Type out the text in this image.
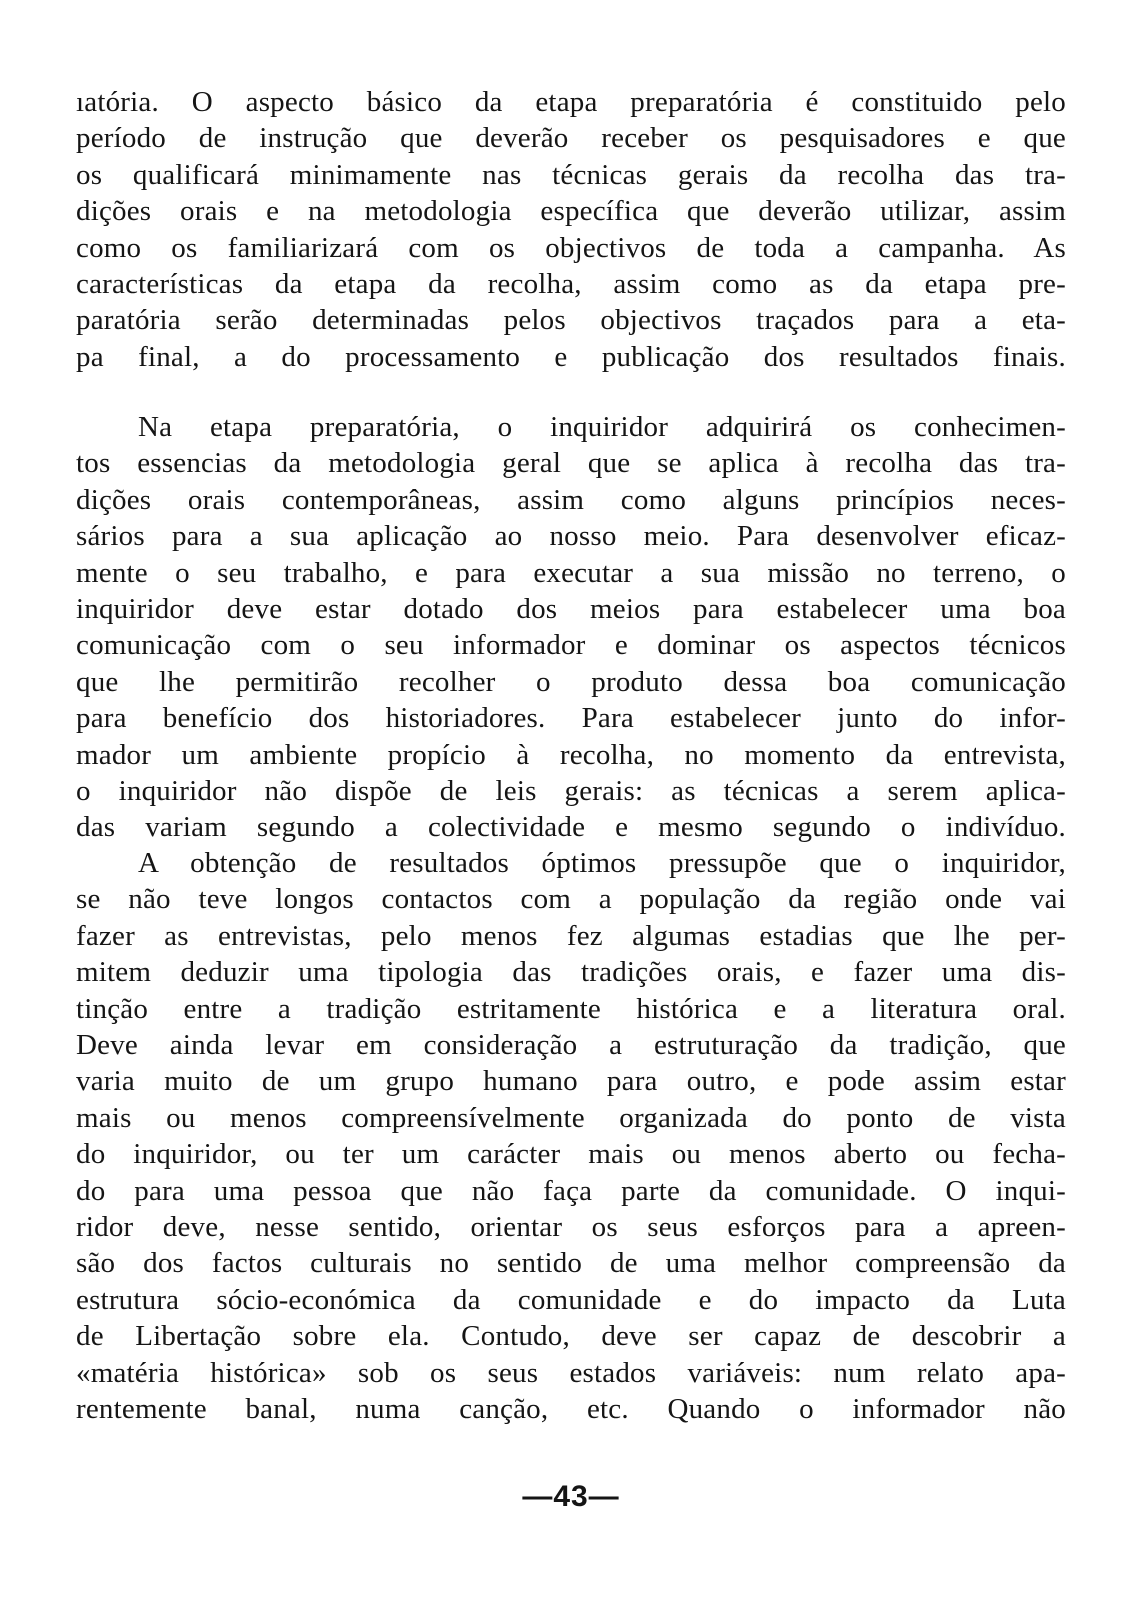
ıatória. O aspecto básico da etapa preparatória é constituido pelo
período de instrução que deverão receber os pesquisadores e que
os qualificará minimamente nas técnicas gerais da recolha das tra-
dições orais e na metodologia específica que deverão utilizar, assim
como os familiarizará com os objectivos de toda a campanha. As
características da etapa da recolha, assim como as da etapa pre-
paratória serão determinadas pelos objectivos traçados para a eta-
pa final, a do processamento e publicação dos resultados finais.
Na etapa preparatória, o inquiridor adquirirá os conhecimen-
tos essencias da metodologia geral que se aplica à recolha das tra-
dições orais contemporâneas, assim como alguns princípios neces-
sários para a sua aplicação ao nosso meio. Para desenvolver eficaz-
mente o seu trabalho, e para executar a sua missão no terreno, o
inquiridor deve estar dotado dos meios para estabelecer uma boa
comunicação com o seu informador e dominar os aspectos técnicos
que lhe permitirão recolher o produto dessa boa comunicação
para benefício dos historiadores. Para estabelecer junto do infor-
mador um ambiente propício à recolha, no momento da entrevista,
o inquiridor não dispõe de leis gerais: as técnicas a serem aplica-
das variam segundo a colectividade e mesmo segundo o indivíduo.
A obtenção de resultados óptimos pressupõe que o inquiridor,
se não teve longos contactos com a população da região onde vai
fazer as entrevistas, pelo menos fez algumas estadias que lhe per-
mitem deduzir uma tipologia das tradições orais, e fazer uma dis-
tinção entre a tradição estritamente histórica e a literatura oral.
Deve ainda levar em consideração a estruturação da tradição, que
varia muito de um grupo humano para outro, e pode assim estar
mais ou menos compreensívelmente organizada do ponto de vista
do inquiridor, ou ter um carácter mais ou menos aberto ou fecha-
do para uma pessoa que não faça parte da comunidade. O inqui-
ridor deve, nesse sentido, orientar os seus esforços para a apreen-
são dos factos culturais no sentido de uma melhor compreensão da
estrutura sócio-económica da comunidade e do impacto da Luta
de Libertação sobre ela. Contudo, deve ser capaz de descobrir a
«matéria histórica» sob os seus estados variáveis: num relato apa-
rentemente banal, numa canção, etc. Quando o informador não
—43—
